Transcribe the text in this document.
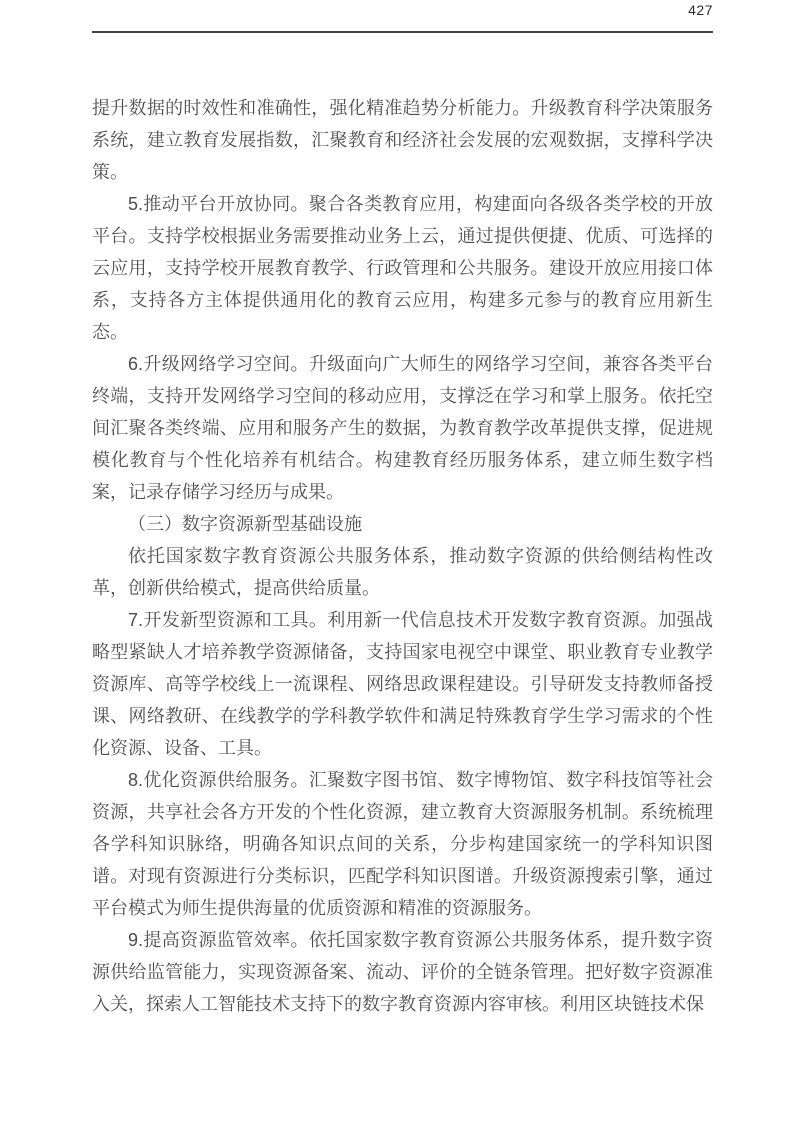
427

提升数据的时效性和准确性，强化精准趋势分析能力。升级教育科学决策服务系统，建立教育发展指数，汇聚教育和经济社会发展的宏观数据，支撑科学决策。

5.推动平台开放协同。聚合各类教育应用，构建面向各级各类学校的开放平台。支持学校根据业务需要推动业务上云，通过提供便捷、优质、可选择的云应用，支持学校开展教育教学、行政管理和公共服务。建设开放应用接口体系，支持各方主体提供通用化的教育云应用，构建多元参与的教育应用新生态。

6.升级网络学习空间。升级面向广大师生的网络学习空间，兼容各类平台终端，支持开发网络学习空间的移动应用，支撑泛在学习和掌上服务。依托空间汇聚各类终端、应用和服务产生的数据，为教育教学改革提供支撑，促进规模化教育与个性化培养有机结合。构建教育经历服务体系，建立师生数字档案，记录存储学习经历与成果。

（三）数字资源新型基础设施

依托国家数字教育资源公共服务体系，推动数字资源的供给侧结构性改革，创新供给模式，提高供给质量。

7.开发新型资源和工具。利用新一代信息技术开发数字教育资源。加强战略型紧缺人才培养教学资源储备，支持国家电视空中课堂、职业教育专业教学资源库、高等学校线上一流课程、网络思政课程建设。引导研发支持教师备授课、网络教研、在线教学的学科教学软件和满足特殊教育学生学习需求的个性化资源、设备、工具。

8.优化资源供给服务。汇聚数字图书馆、数字博物馆、数字科技馆等社会资源，共享社会各方开发的个性化资源，建立教育大资源服务机制。系统梳理各学科知识脉络，明确各知识点间的关系，分步构建国家统一的学科知识图谱。对现有资源进行分类标识，匹配学科知识图谱。升级资源搜索引擎，通过平台模式为师生提供海量的优质资源和精准的资源服务。

9.提高资源监管效率。依托国家数字教育资源公共服务体系，提升数字资源供给监管能力，实现资源备案、流动、评价的全链条管理。把好数字资源准入关，探索人工智能技术支持下的数字教育资源内容审核。利用区块链技术保
